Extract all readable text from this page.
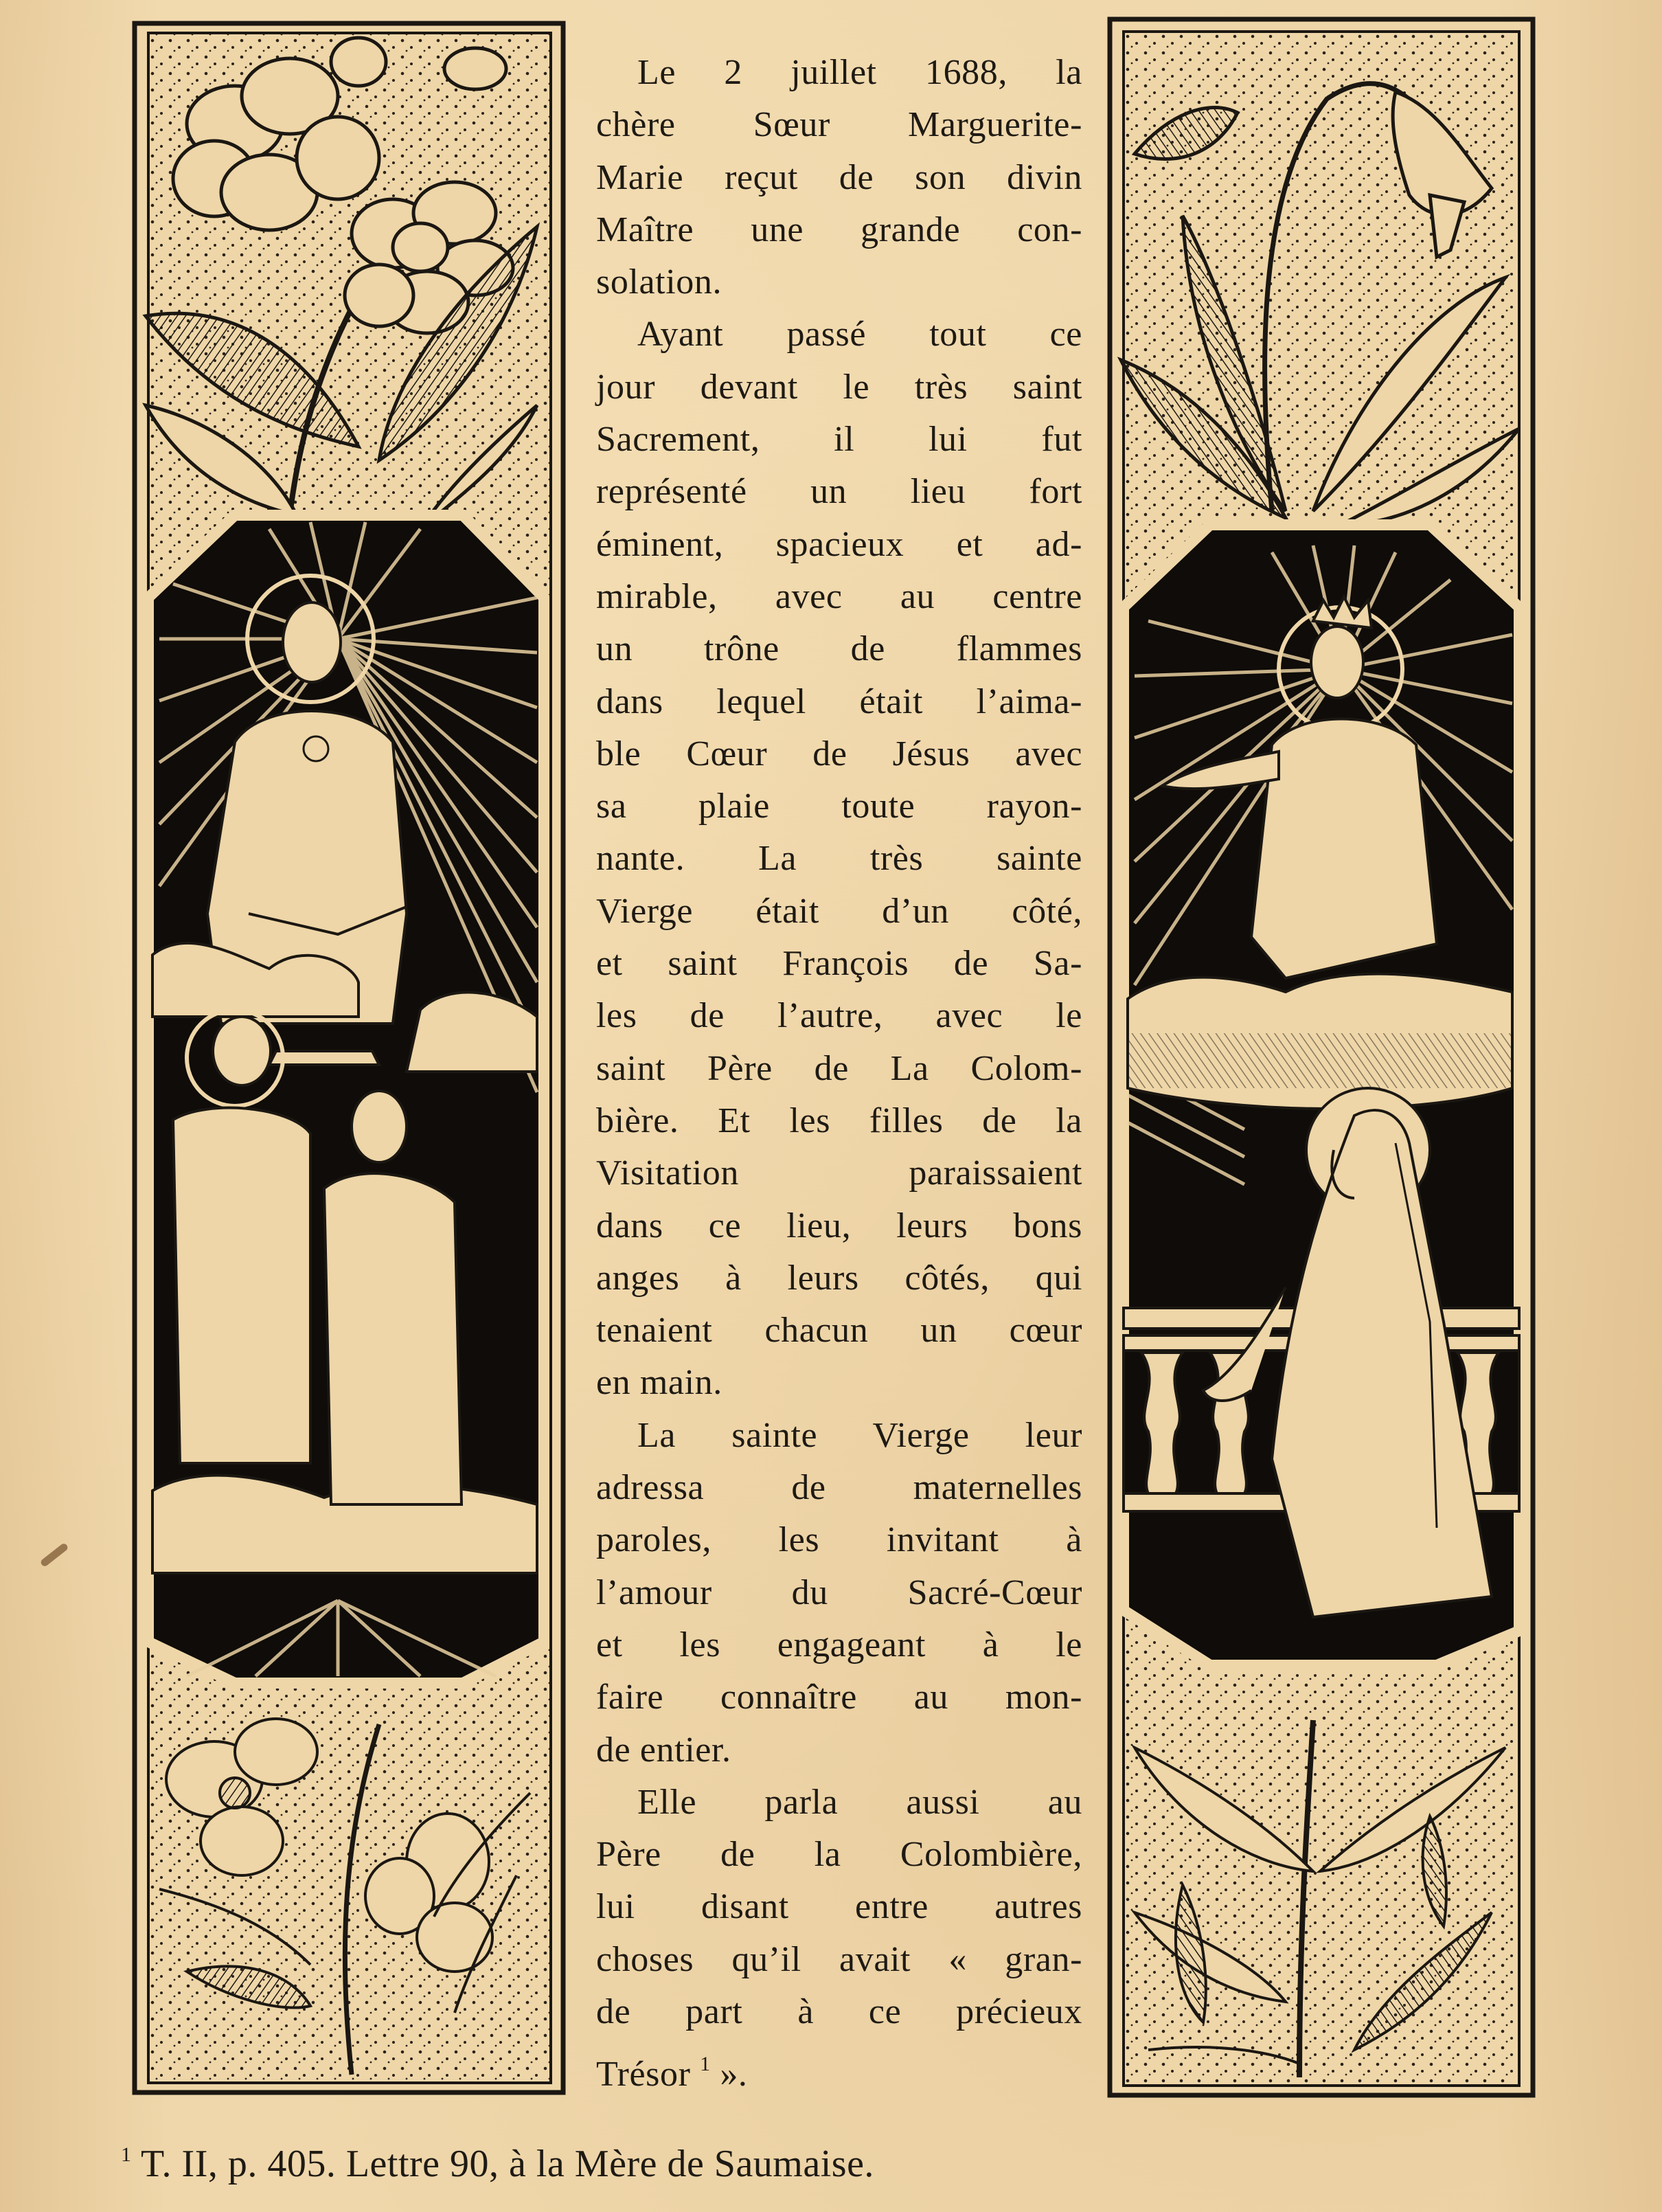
Le 2 juillet 1688, la
chère Sœur Marguerite-
Marie reçut de son divin
Maître une grande con-
solation.
Ayant passé tout ce
jour devant le très saint
Sacrement, il lui fut
représenté un lieu fort
éminent, spacieux et ad-
mirable, avec au centre
un trône de flammes
dans lequel était l’aima-
ble Cœur de Jésus avec
sa plaie toute rayon-
nante. La très sainte
Vierge était d’un côté,
et saint François de Sa-
les de l’autre, avec le
saint Père de La Colom-
bière. Et les filles de la
Visitation paraissaient
dans ce lieu, leurs bons
anges à leurs côtés, qui
tenaient chacun un cœur
en main.
La sainte Vierge leur
adressa de maternelles
paroles, les invitant à
l’amour du Sacré-Cœur
et les engageant à le
faire connaître au mon-
de entier.
Elle parla aussi au
Père de la Colombière,
lui disant entre autres
choses qu’il avait « gran-
de part à ce précieux
Trésor $^1$ ».
$^1$ T. II, p. 405. Lettre 90, à la Mère de Saumaise.
